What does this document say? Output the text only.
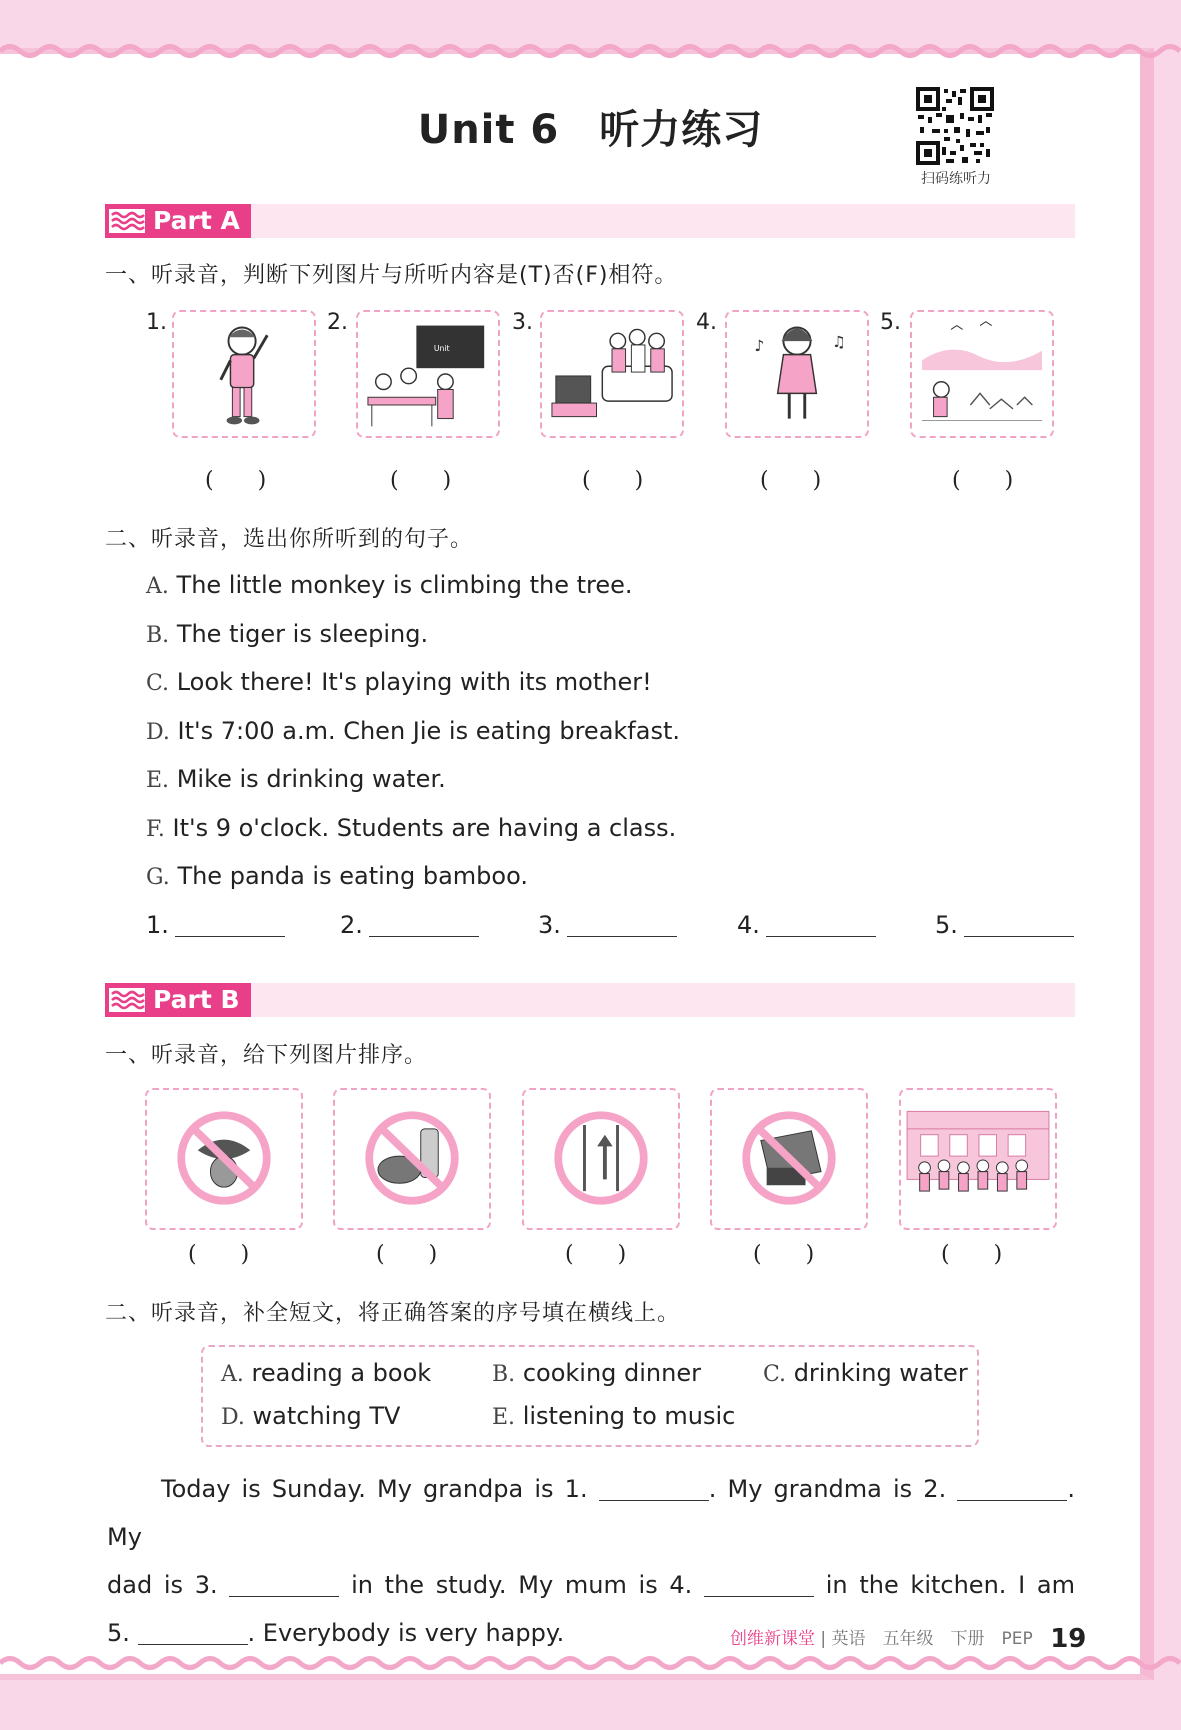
Unit 6 听力练习
扫码练听力
Part A
一、听录音，判断下列图片与所听内容是(T)否(F)相符。
1.	2.	3.	4.	5.
Unit	♪	♫
(　　)	(　　)	(　　)	(　　)	(　　)
二、听录音，选出你所听到的句子。
A. The little monkey is climbing the tree.
B. The tiger is sleeping.
C. Look there! It's playing with its mother!
D. It's 7:00 a.m. Chen Jie is eating breakfast.
E. Mike is drinking water.
F. It's 9 o'clock. Students are having a class.
G. The panda is eating bamboo.
1.	2.	3.	4.	5.
Part B
一、听录音，给下列图片排序。
(　　)	(　　)	(　　)	(　　)	(　　)
二、听录音，补全短文，将正确答案的序号填在横线上。
A. reading a book	B. cooking dinner	C. drinking water
D. watching TV	E. listening to music
Today is Sunday. My grandpa is 1.	. My grandma is 2.	. My
dad is 3.	in the study. My mum is 4.	in the kitchen. I am
5.	. Everybody is very happy.	创维新课堂 | 英语　五年级　下册　PEP 19
